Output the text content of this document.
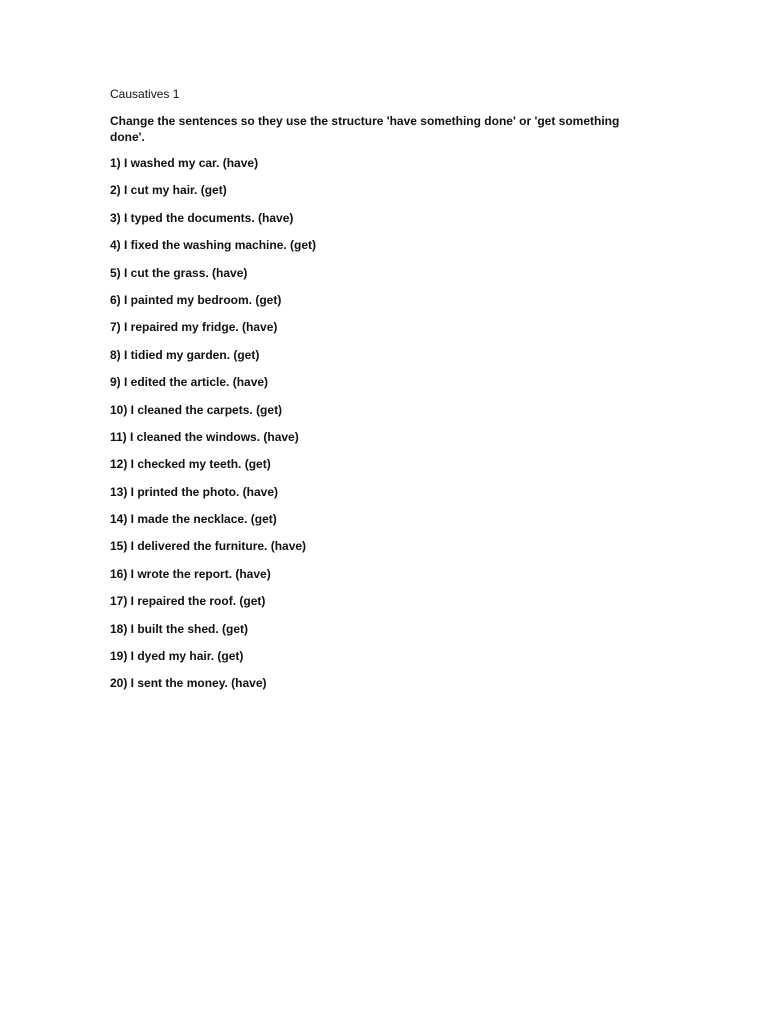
Causatives 1
Change the sentences so they use the structure 'have something done' or 'get something done'.
1) I washed my car. (have)
2) I cut my hair. (get)
3) I typed the documents. (have)
4) I fixed the washing machine. (get)
5) I cut the grass. (have)
6) I painted my bedroom. (get)
7) I repaired my fridge. (have)
8) I tidied my garden. (get)
9) I edited the article. (have)
10) I cleaned the carpets. (get)
11) I cleaned the windows. (have)
12) I checked my teeth. (get)
13) I printed the photo. (have)
14) I made the necklace. (get)
15) I delivered the furniture. (have)
16) I wrote the report. (have)
17) I repaired the roof. (get)
18) I built the shed. (get)
19) I dyed my hair. (get)
20) I sent the money. (have)
